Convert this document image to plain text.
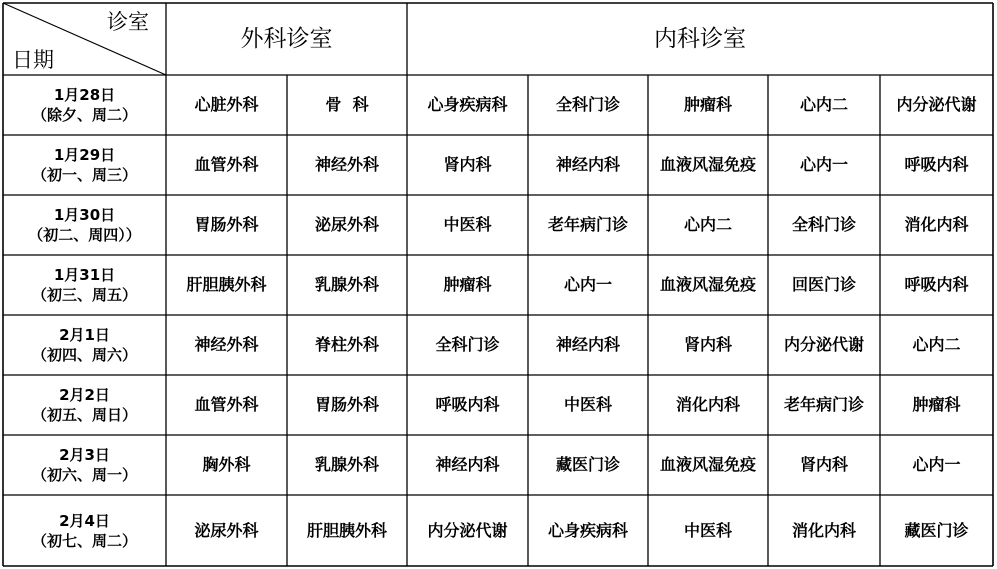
诊室
日期
外科诊室	内科诊室
1月28日
（除夕、周二）
心脏外科	骨  科	心身疾病科	全科门诊	肿瘤科	心内二	内分泌代谢
1月29日
（初一、周三）
血管外科	神经外科	肾内科	神经内科	血液风湿免疫	心内一	呼吸内科
1月30日
（初二、周四））
胃肠外科	泌尿外科	中医科	老年病门诊	心内二	全科门诊	消化内科
1月31日
（初三、周五）
肝胆胰外科	乳腺外科	肿瘤科	心内一	血液风湿免疫	回医门诊	呼吸内科
2月1日
（初四、周六）
神经外科	脊柱外科	全科门诊	神经内科	肾内科	内分泌代谢	心内二
2月2日
（初五、周日）
血管外科	胃肠外科	呼吸内科	中医科	消化内科	老年病门诊	肿瘤科
2月3日
（初六、周一）
胸外科	乳腺外科	神经内科	藏医门诊	血液风湿免疫	肾内科	心内一
2月4日
（初七、周二）
泌尿外科	肝胆胰外科	内分泌代谢	心身疾病科	中医科	消化内科	藏医门诊
